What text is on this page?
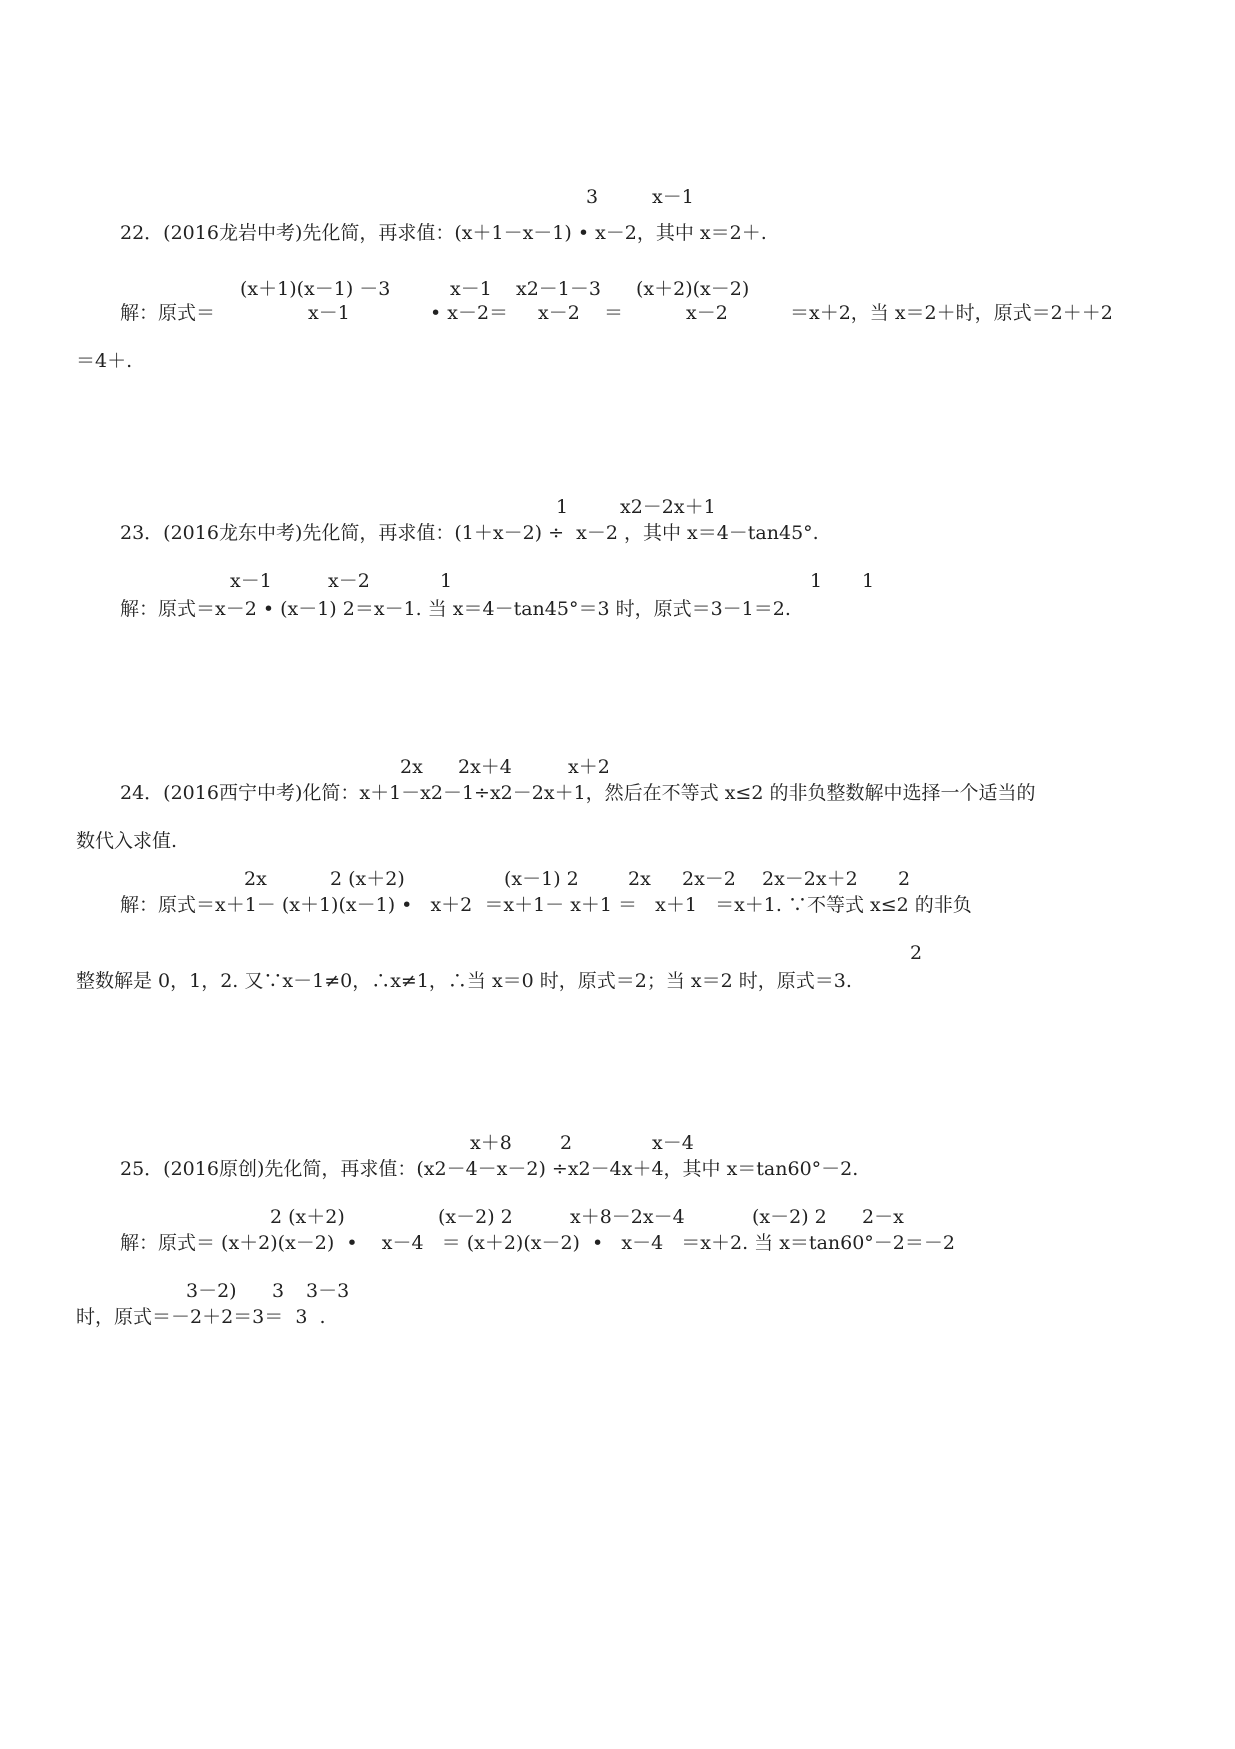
3	x－1
22．(2016龙岩中考)先化简，再求值：(x＋1－x－1) • x－2，其中 x＝2＋.
(x＋1)(x－1) －3	x－1 x2－1－3 (x＋2)(x－2)
解：原式＝	x－1	• x－2＝ x－2 ＝	x－2	＝x＋2，当 x＝2＋时，原式＝2＋＋2
＝4＋.
1	x2－2x＋1
23．(2016龙东中考)先化简，再求值：(1＋x－2) ÷  x－2 ，其中 x＝4－tan45°.
x－1	x－2	1	1 1
解：原式＝x－2 • (x－1) 2＝x－1. 当 x＝4－tan45°＝3 时，原式＝3－1＝2.
2x 2x＋4	x＋2
24．(2016西宁中考)化简：x＋1－x2－1÷x2－2x＋1，然后在不等式 x≤2 的非负整数解中选择一个适当的
数代入求值.
2x	2 (x＋2)	(x－1) 2	2x 2x－2 2x－2x＋2 2
解：原式＝x＋1－ (x＋1)(x－1) •   x＋2  ＝x＋1－ x＋1 ＝   x＋1   ＝x＋1. ∵不等式 x≤2 的非负
2
整数解是 0，1，2. 又∵x－1≠0，∴x≠1，∴当 x＝0 时，原式＝2；当 x＝2 时，原式＝3.
x＋8	2	x－4
25．(2016原创)先化简，再求值：(x2－4－x－2) ÷x2－4x＋4，其中 x＝tan60°－2.
2 (x＋2)	(x－2) 2	x＋8－2x－4	(x－2) 2 2－x
解：原式＝ (x＋2)(x－2)  •    x－4   ＝ (x＋2)(x－2)  •   x－4   ＝x＋2. 当 x＝tan60°－2＝－2
3－2) 3 3－3
时，原式＝－2＋2＝3＝  3  .
